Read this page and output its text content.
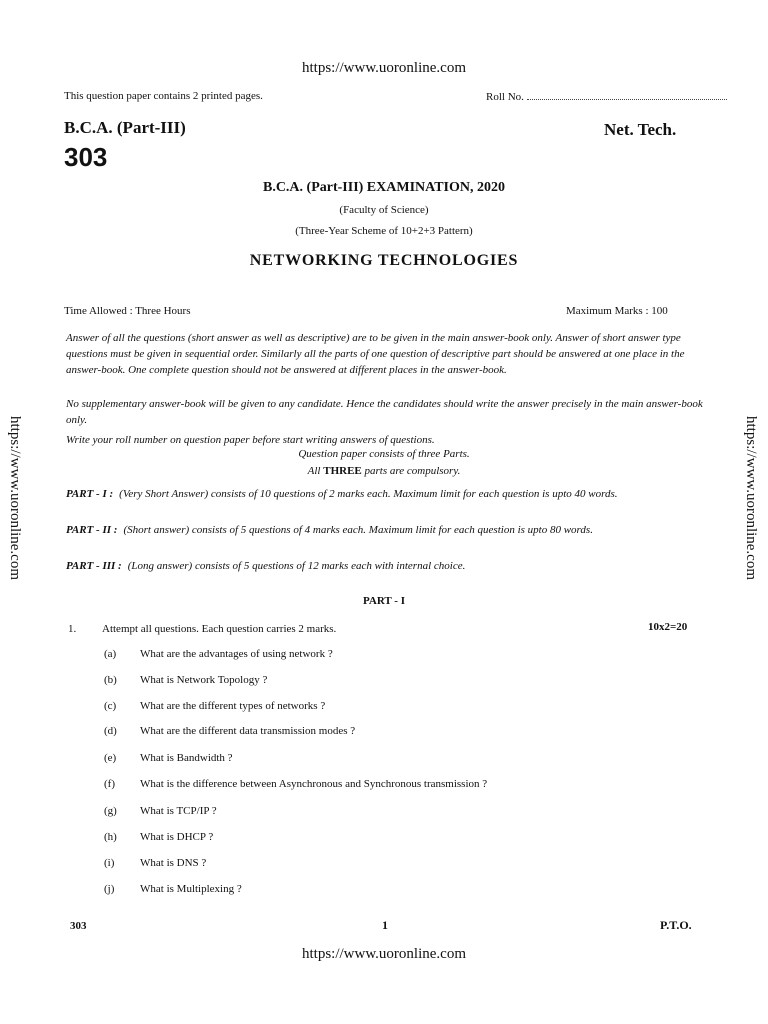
https://www.uoronline.com
https://www.uoronline.com	https://www.uoronline.com
This question paper contains 2 printed pages.	Roll No.
B.C.A. (Part-III)	Net. Tech.
303
B.C.A. (Part-III) EXAMINATION, 2020
(Faculty of Science)
(Three-Year Scheme of 10+2+3 Pattern)
NETWORKING TECHNOLOGIES
Time Allowed : Three Hours	Maximum Marks : 100
Answer of all the questions (short answer as well as descriptive) are to be given in the main answer-book only. Answer of short answer type questions must be given in sequential order. Similarly all the parts of one question of descriptive part should be answered at one place in the answer-book. One complete question should not be answered at different places in the answer-book.
No supplementary answer-book will be given to any candidate. Hence the candidates should write the answer precisely in the main answer-book only.
Write your roll number on question paper before start writing answers of questions.
Question paper consists of three Parts.
All THREE parts are compulsory.
PART - I : (Very Short Answer) consists of 10 questions of 2 marks each. Maximum limit for each question is upto 40 words.
PART - II : (Short answer) consists of 5 questions of 4 marks each. Maximum limit for each question is upto 80 words.
PART - III : (Long answer) consists of 5 questions of 12 marks each with internal choice.
PART - I
1. Attempt all questions. Each question carries 2 marks.	10x2=20
(a)	What are the advantages of using network ?
(b)	What is Network Topology ?
(c)	What are the different types of networks ?
(d)	What are the different data transmission modes ?
(e)	What is Bandwidth ?
(f)	What is the difference between Asynchronous and Synchronous transmission ?
(g)	What is TCP/IP ?
(h)	What is DHCP ?
(i)	What is DNS ?
(j)	What is Multiplexing ?
303	1	P.T.O.
https://www.uoronline.com
